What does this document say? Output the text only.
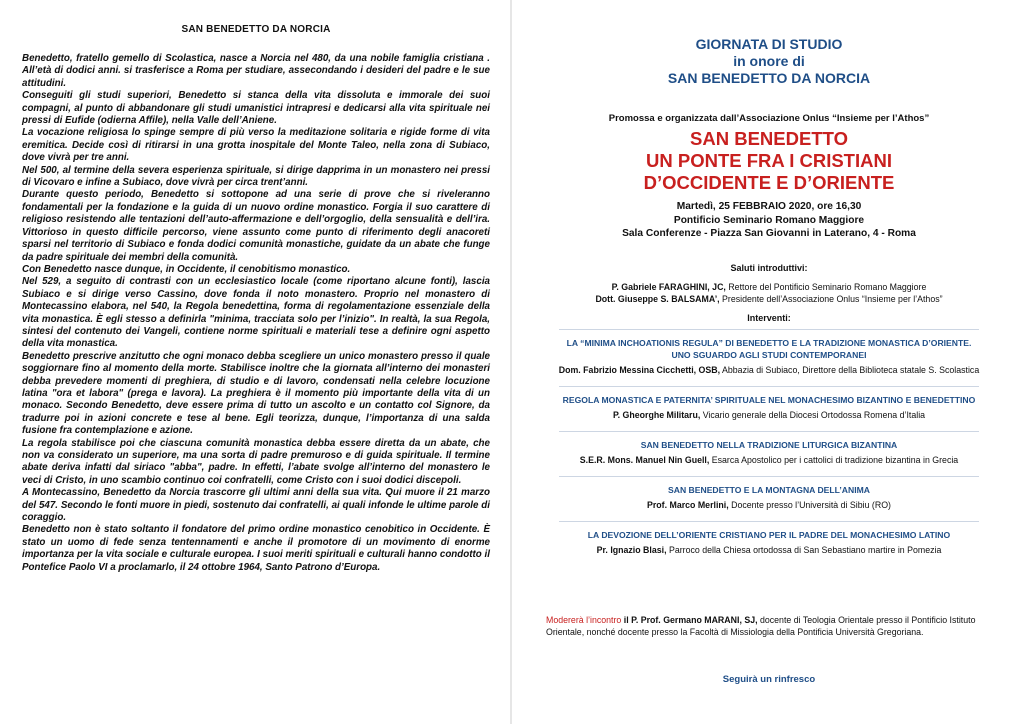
SAN BENEDETTO DA NORCIA

Benedetto, fratello gemello di Scolastica, nasce a Norcia nel 480, da una nobile famiglia cristiana . All’età di dodici anni. si trasferisce a Roma per studiare, assecondando i desideri del padre e le sue attitudini.

Conseguiti gli studi superiori, Benedetto si stanca della vita dissoluta e immorale dei suoi compagni, al punto di abbandonare gli studi umanistici intrapresi e dedicarsi alla vita spirituale nei pressi di Eufide (odierna Affile), nella Valle dell’Aniene.

La vocazione religiosa lo spinge sempre di più verso la meditazione solitaria e rigide forme di vita eremitica. Decide così di ritirarsi in una grotta inospitale del Monte Taleo, nella zona di Subiaco, dove vivrà per tre anni.

Nel 500, al termine della severa esperienza spirituale, si dirige dapprima in un monastero nei pressi di Vicovaro e infine a Subiaco, dove vivrà per circa trent’anni.

Durante questo periodo, Benedetto si sottopone ad una serie di prove che si riveleranno fondamentali per la fondazione e la guida di un nuovo ordine monastico. Forgia il suo carattere di religioso resistendo alle tentazioni dell’auto-affermazione e dell’orgoglio, della sensualità e dell’ira. Vittorioso in questo difficile percorso, viene assunto come punto di riferimento degli anacoreti sparsi nel territorio di Subiaco e fonda dodici comunità monastiche, guidate da un abate che funge da padre spirituale dei membri della comunità.

Con Benedetto nasce dunque, in Occidente, il cenobitismo monastico.

Nel 529, a seguito di contrasti con un ecclesiastico locale (come riportano alcune fonti), lascia Subiaco e si dirige verso Cassino, dove fonda il noto monastero. Proprio nel monastero di Montecassino elabora, nel 540, la Regola benedettina, forma di regolamentazione essenziale della vita monastica. È egli stesso a definirla "minima, tracciata solo per l’inizio". In realtà, la sua Regola, sintesi del contenuto dei Vangeli, contiene norme spirituali e materiali tese a definire ogni aspetto della vita monastica.

Benedetto prescrive anzitutto che ogni monaco debba scegliere un unico monastero presso il quale soggiornare fino al momento della morte. Stabilisce inoltre che la giornata all’interno dei monasteri debba prevedere momenti di preghiera, di studio e di lavoro, condensati nella celebre locuzione latina "ora et labora" (prega e lavora). La preghiera è il momento più importante della vita di un monaco. Secondo Benedetto, deve essere prima di tutto un ascolto e un contatto col Signore, da tradurre poi in azioni concrete e tese al bene. Egli teorizza, dunque, l’importanza di una salda fusione fra contemplazione e azione.

La regola stabilisce poi che ciascuna comunità monastica debba essere diretta da un abate, che non va considerato un superiore, ma una sorta di padre premuroso e di guida spirituale. Il termine abate deriva infatti dal siriaco "abba", padre. In effetti, l’abate svolge all’interno del monastero le veci di Cristo, in uno scambio continuo coi confratelli, come Cristo con i suoi dodici discepoli.

A Montecassino, Benedetto da Norcia trascorre gli ultimi anni della sua vita. Qui muore il 21 marzo del 547. Secondo le fonti muore in piedi, sostenuto dai confratelli, ai quali infonde le ultime parole di coraggio.

Benedetto non è stato soltanto il fondatore del primo ordine monastico cenobitico in Occidente. È stato un uomo di fede senza tentennamenti e anche il promotore di un movimento di enorme importanza per la vita sociale e culturale europea. I suoi meriti spirituali e culturali hanno condotto il Pontefice Paolo VI a proclamarlo, il 24 ottobre 1964, Santo Patrono d’Europa.

GIORNATA DI STUDIO
in onore di
SAN BENEDETTO DA NORCIA
Promossa e organizzata dall’Associazione Onlus “Insieme per l’Athos”
SAN BENEDETTO
UN PONTE FRA I CRISTIANI
D’OCCIDENTE E D’ORIENTE
Martedì, 25 FEBBRAIO 2020, ore 16,30
Pontificio Seminario Romano Maggiore
Sala Conferenze - Piazza San Giovanni in Laterano, 4 - Roma
Saluti introduttivi:
P. Gabriele FARAGHINI, JC, Rettore del Pontificio Seminario Romano Maggiore
Dott. Giuseppe S. BALSAMA’, Presidente dell’Associazione Onlus “Insieme per l’Athos”
Interventi:
LA “MINIMA INCHOATIONIS REGULA” DI BENEDETTO E LA TRADIZIONE MONASTICA D’ORIENTE.
UNO SGUARDO AGLI STUDI CONTEMPORANEI
Dom. Fabrizio Messina Cicchetti, OSB, Abbazia di Subiaco, Direttore della Biblioteca statale S. Scolastica
REGOLA MONASTICA E PATERNITA’ SPIRITUALE NEL MONACHESIMO BIZANTINO E BENEDETTINO
P. Gheorghe Militaru, Vicario generale della Diocesi Ortodossa Romena d’Italia
SAN BENEDETTO NELLA TRADIZIONE LITURGICA BIZANTINA
S.E.R. Mons. Manuel Nin Guell, Esarca Apostolico per i cattolici di tradizione bizantina in Grecia
SAN BENEDETTO E LA MONTAGNA DELL’ANIMA
Prof. Marco Merlini, Docente presso l’Università di Sibiu (RO)
LA DEVOZIONE DELL’ORIENTE CRISTIANO PER IL PADRE DEL MONACHESIMO LATINO
Pr. Ignazio Blasi, Parroco della Chiesa ortodossa di San Sebastiano martire in Pomezia
Modererà l’incontro il P. Prof. Germano MARANI, SJ, docente di Teologia Orientale presso il Pontificio Istituto Orientale, nonché docente presso la Facoltà di Missiologia della Pontificia Università Gregoriana.
Seguirà un rinfresco
